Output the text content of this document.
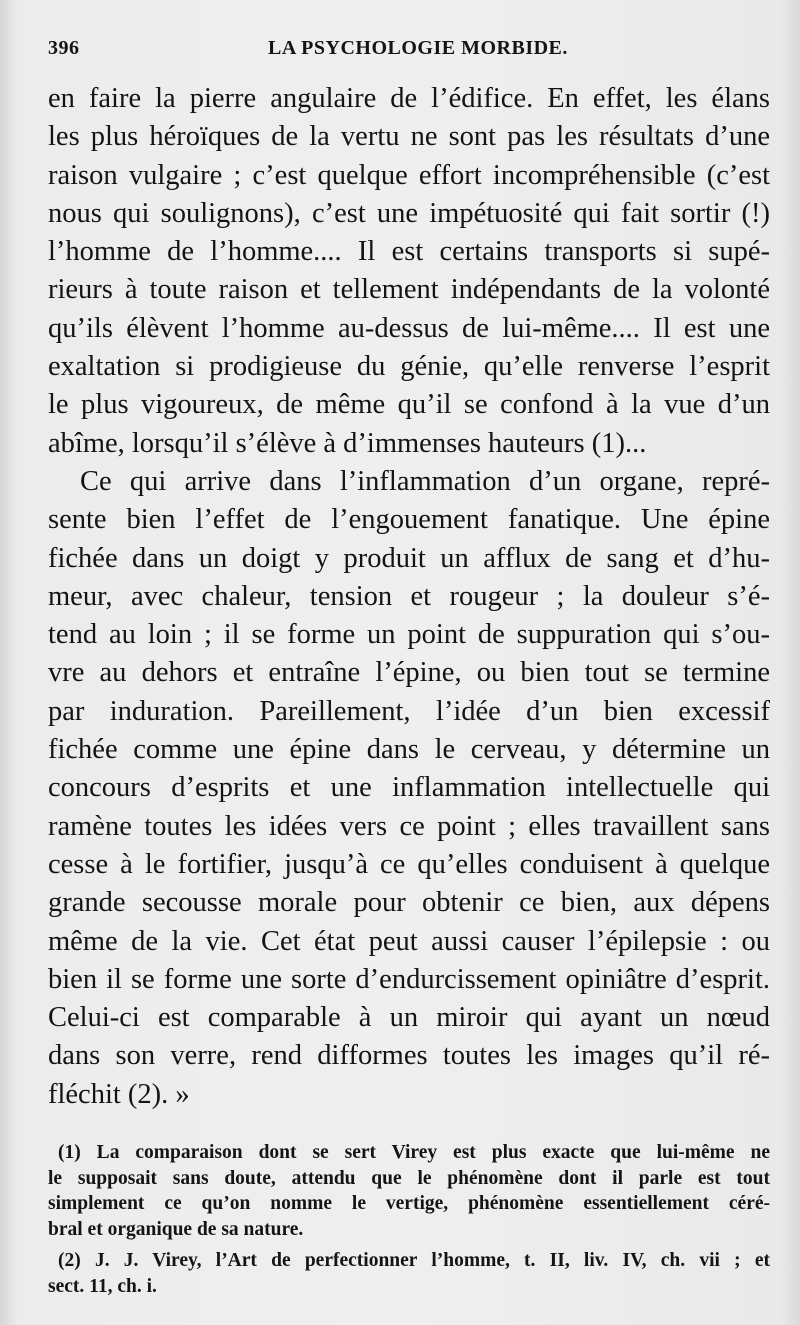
396	LA PSYCHOLOGIE MORBIDE.
en faire la pierre angulaire de l’édifice. En effet, les élans
les plus héroïques de la vertu ne sont pas les résultats d’une
raison vulgaire ; c’est quelque effort incompréhensible (c’est
nous qui soulignons), c’est une impétuosité qui fait sortir (!)
l’homme de l’homme.... Il est certains transports si supé-
rieurs à toute raison et tellement indépendants de la volonté
qu’ils élèvent l’homme au-dessus de lui-même.... Il est une
exaltation si prodigieuse du génie, qu’elle renverse l’esprit
le plus vigoureux, de même qu’il se confond à la vue d’un
abîme, lorsqu’il s’élève à d’immenses hauteurs (1)...
Ce qui arrive dans l’inflammation d’un organe, repré-
sente bien l’effet de l’engouement fanatique. Une épine
fichée dans un doigt y produit un afflux de sang et d’hu-
meur, avec chaleur, tension et rougeur ; la douleur s’é-
tend au loin ; il se forme un point de suppuration qui s’ou-
vre au dehors et entraîne l’épine, ou bien tout se termine
par induration. Pareillement, l’idée d’un bien excessif
fichée comme une épine dans le cerveau, y détermine un
concours d’esprits et une inflammation intellectuelle qui
ramène toutes les idées vers ce point ; elles travaillent sans
cesse à le fortifier, jusqu’à ce qu’elles conduisent à quelque
grande secousse morale pour obtenir ce bien, aux dépens
même de la vie. Cet état peut aussi causer l’épilepsie : ou
bien il se forme une sorte d’endurcissement opiniâtre d’esprit.
Celui-ci est comparable à un miroir qui ayant un nœud
dans son verre, rend difformes toutes les images qu’il ré-
fléchit (2). »
(1) La comparaison dont se sert Virey est plus exacte que lui-même ne
le supposait sans doute, attendu que le phénomène dont il parle est tout
simplement ce qu’on nomme le vertige, phénomène essentiellement céré-
bral et organique de sa nature.
(2) J. J. Virey, l’Art de perfectionner l’homme, t. II, liv. IV, ch. vii ; et
sect. 11, ch. i.
